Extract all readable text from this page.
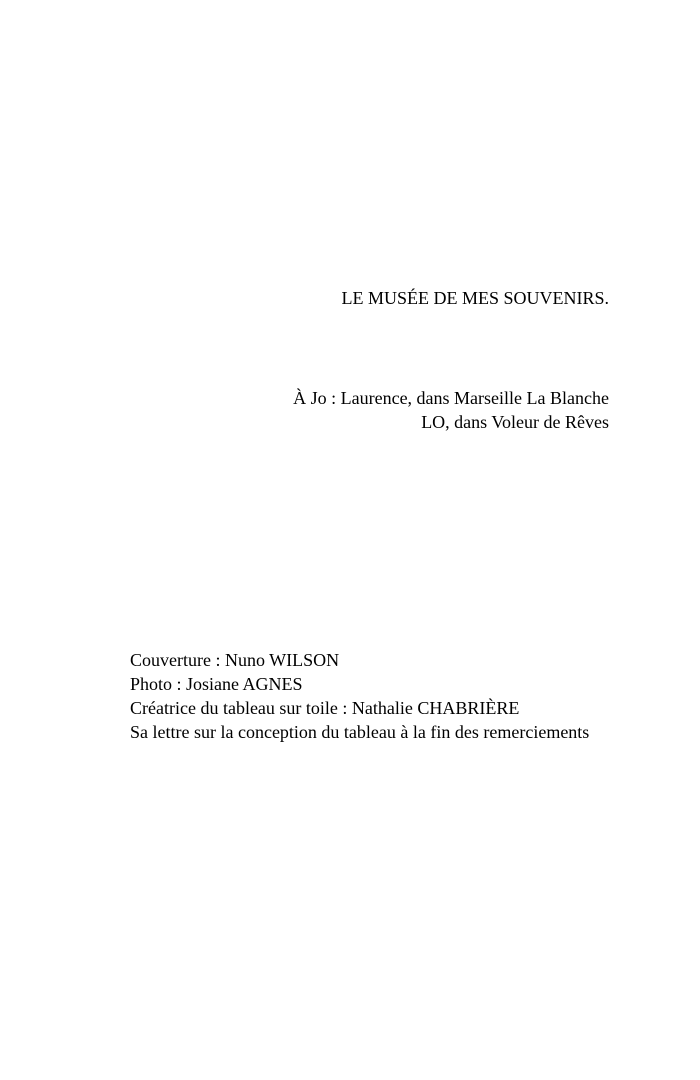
LE MUSÉE DE MES SOUVENIRS.
À Jo : Laurence, dans Marseille La Blanche
LO, dans Voleur de Rêves

Couverture : Nuno WILSON

Photo : Josiane AGNES

Créatrice du tableau sur toile : Nathalie CHABRIÈRE

Sa lettre sur la conception du tableau à la fin des remerciements
